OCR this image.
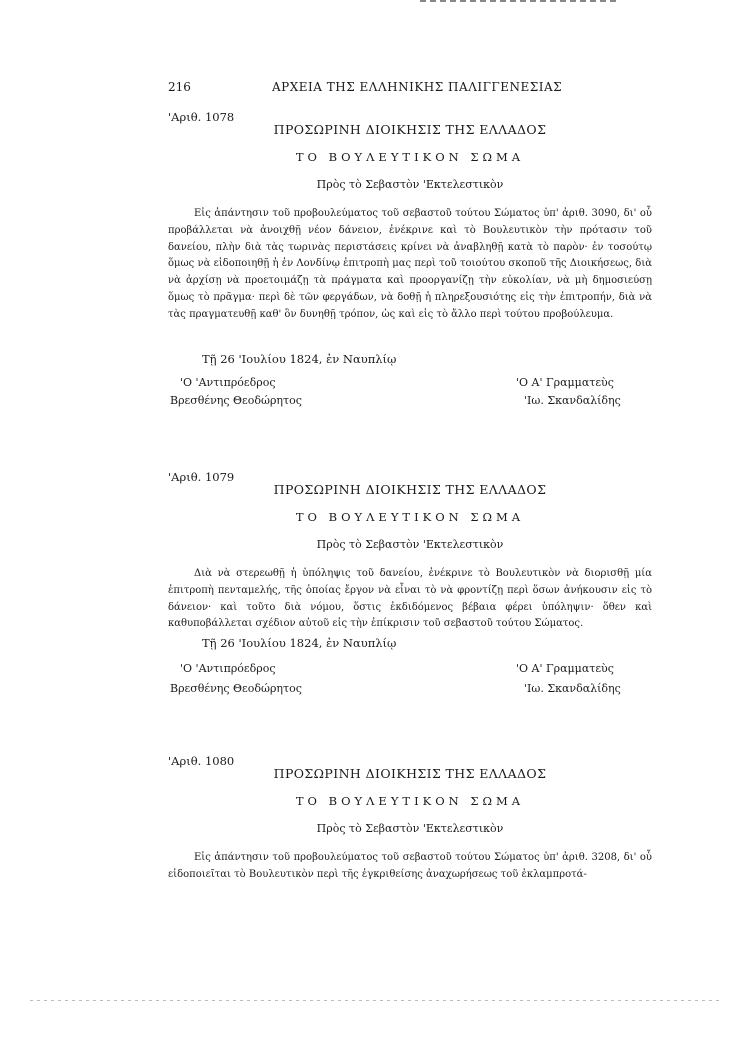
216	ΑΡΧΕΙΑ ΤΗΣ ΕΛΛΗΝΙΚΗΣ ΠΑΛΙΓΓΕΝΕΣΙΑΣ
'Αριθ. 1078
ΠΡΟΣΩΡΙΝΗ ΔΙΟΙΚΗΣΙΣ ΤΗΣ ΕΛΛΑΔΟΣ
ΤΟ ΒΟΥΛΕΥΤΙΚΟΝ ΣΩΜΑ
Πρὸς τὸ Σεβαστὸν 'Εκτελεστικὸν
Εἰς ἀπάντησιν τοῦ προβουλεύματος τοῦ σεβαστοῦ τούτου Σώματος ὑπ' ἀριθ. 3090, δι' οὗ προβάλλεται νὰ ἀνοιχθῇ νέον δάνειον, ἐνέκρινε καὶ τὸ Βουλευτικὸν τὴν πρότασιν τοῦ δανείου, πλὴν διὰ τὰς τωρινὰς περιστάσεις κρίνει νὰ ἀναβληθῇ κατὰ τὸ παρὸν· ἐν τοσούτῳ ὅμως νὰ εἰδοποιηθῇ ἡ ἐν Λονδίνῳ ἐπιτροπὴ μας περὶ τοῦ τοιούτου σκοποῦ τῆς Διοικήσεως, διὰ νὰ ἀρχίσῃ νὰ προετοιμάζῃ τὰ πράγματα καὶ προοργανίζῃ τὴν εὐκολίαν, νὰ μὴ δημοσιεύσῃ ὅμως τὸ πρᾶγμα· περὶ δὲ τῶν φεργάδων, νὰ δοθῇ ἡ πληρεξουσιότης εἰς τὴν ἐπιτροπήν, διὰ νὰ τὰς πραγματευθῇ καθ' ὃν δυνηθῇ τρόπον, ὡς καὶ εἰς τὸ ἄλλο περὶ τούτου προβούλευμα.
Τῇ 26 'Ιουλίου 1824, ἐν Ναυπλίῳ
'Ο 'Αντιπρόεδρος	'Ο Α' Γραμματεὺς
Βρεσθένης Θεοδώρητος	'Ιω. Σκανδαλίδης
'Αριθ. 1079
ΠΡΟΣΩΡΙΝΗ ΔΙΟΙΚΗΣΙΣ ΤΗΣ ΕΛΛΑΔΟΣ
ΤΟ ΒΟΥΛΕΥΤΙΚΟΝ ΣΩΜΑ
Πρὸς τὸ Σεβαστὸν 'Εκτελεστικὸν
Διὰ νὰ στερεωθῇ ἡ ὑπόληψις τοῦ δανείου, ἐνέκρινε τὸ Βουλευτικὸν νὰ διορισθῇ μία ἐπιτροπὴ πενταμελής, τῆς ὁποίας ἔργον νὰ εἶναι τὸ νὰ φροντίζῃ περὶ ὅσων ἀνήκουσιν εἰς τὸ δάνειον· καὶ τοῦτο διὰ νόμου, ὅστις ἐκδιδόμενος βέβαια φέρει ὑπόληψιν· ὅθεν καὶ καθυποβάλλεται σχέδιον αὐτοῦ εἰς τὴν ἐπίκρισιν τοῦ σεβαστοῦ τούτου Σώματος.
Τῇ 26 'Ιουλίου 1824, ἐν Ναυπλίῳ
'Ο 'Αντιπρόεδρος	'Ο Α' Γραμματεὺς
Βρεσθένης Θεοδώρητος	'Ιω. Σκανδαλίδης
'Αριθ. 1080
ΠΡΟΣΩΡΙΝΗ ΔΙΟΙΚΗΣΙΣ ΤΗΣ ΕΛΛΑΔΟΣ
ΤΟ ΒΟΥΛΕΥΤΙΚΟΝ ΣΩΜΑ
Πρὸς τὸ Σεβαστὸν 'Εκτελεστικὸν
Εἰς ἀπάντησιν τοῦ προβουλεύματος τοῦ σεβαστοῦ τούτου Σώματος ὑπ' ἀριθ. 3208, δι' οὗ εἰδοποιεῖται τὸ Βουλευτικὸν περὶ τῆς ἐγκριθείσης ἀναχωρήσεως τοῦ ἐκλαμπροτά-
